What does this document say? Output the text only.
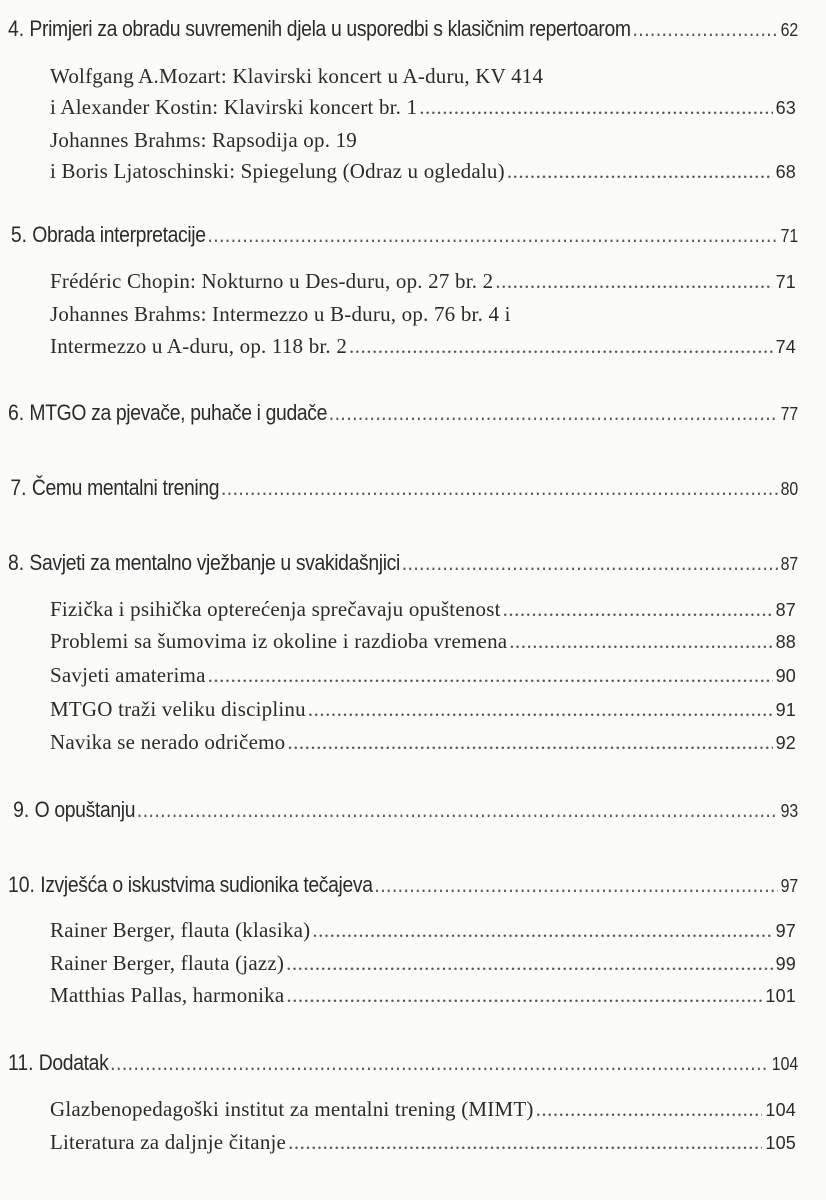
4. Primjeri za obradu suvremenih djela u usporedbi s klasičnim repertoarom .....	62
Wolfgang A.Mozart: Klavirski koncert u A-duru, KV 414
i Alexander Kostin: Klavirski koncert br. 1 .....	63
Johannes Brahms: Rapsodija op. 19
i Boris Ljatoschinski: Spiegelung (Odraz u ogledalu) .....	68
5. Obrada interpretacije .....	71
Frédéric Chopin: Nokturno u Des-duru, op. 27 br. 2 .....	71
Johannes Brahms: Intermezzo u B-duru, op. 76 br. 4 i
Intermezzo u A-duru, op. 118 br. 2 .....	74
6. MTGO za pjevače, puhače i gudače .....	77
7. Čemu mentalni trening .....	80
8. Savjeti za mentalno vježbanje u svakidašnjici .....	87
Fizička i psihička opterećenja sprečavaju opuštenost .....	87
Problemi sa šumovima iz okoline i razdioba vremena .....	88
Savjeti amaterima .....	90
MTGO traži veliku disciplinu .....	91
Navika se nerado odričemo .....	92
9. O opuštanju .....	93
10. Izvješća o iskustvima sudionika tečajeva .....	97
Rainer Berger, flauta (klasika) .....	97
Rainer Berger, flauta (jazz) .....	99
Matthias Pallas, harmonika .....	101
11. Dodatak .....	104
Glazbenopedagoški institut za mentalni trening (MIMT) .....	104
Literatura za daljnje čitanje .....	105
